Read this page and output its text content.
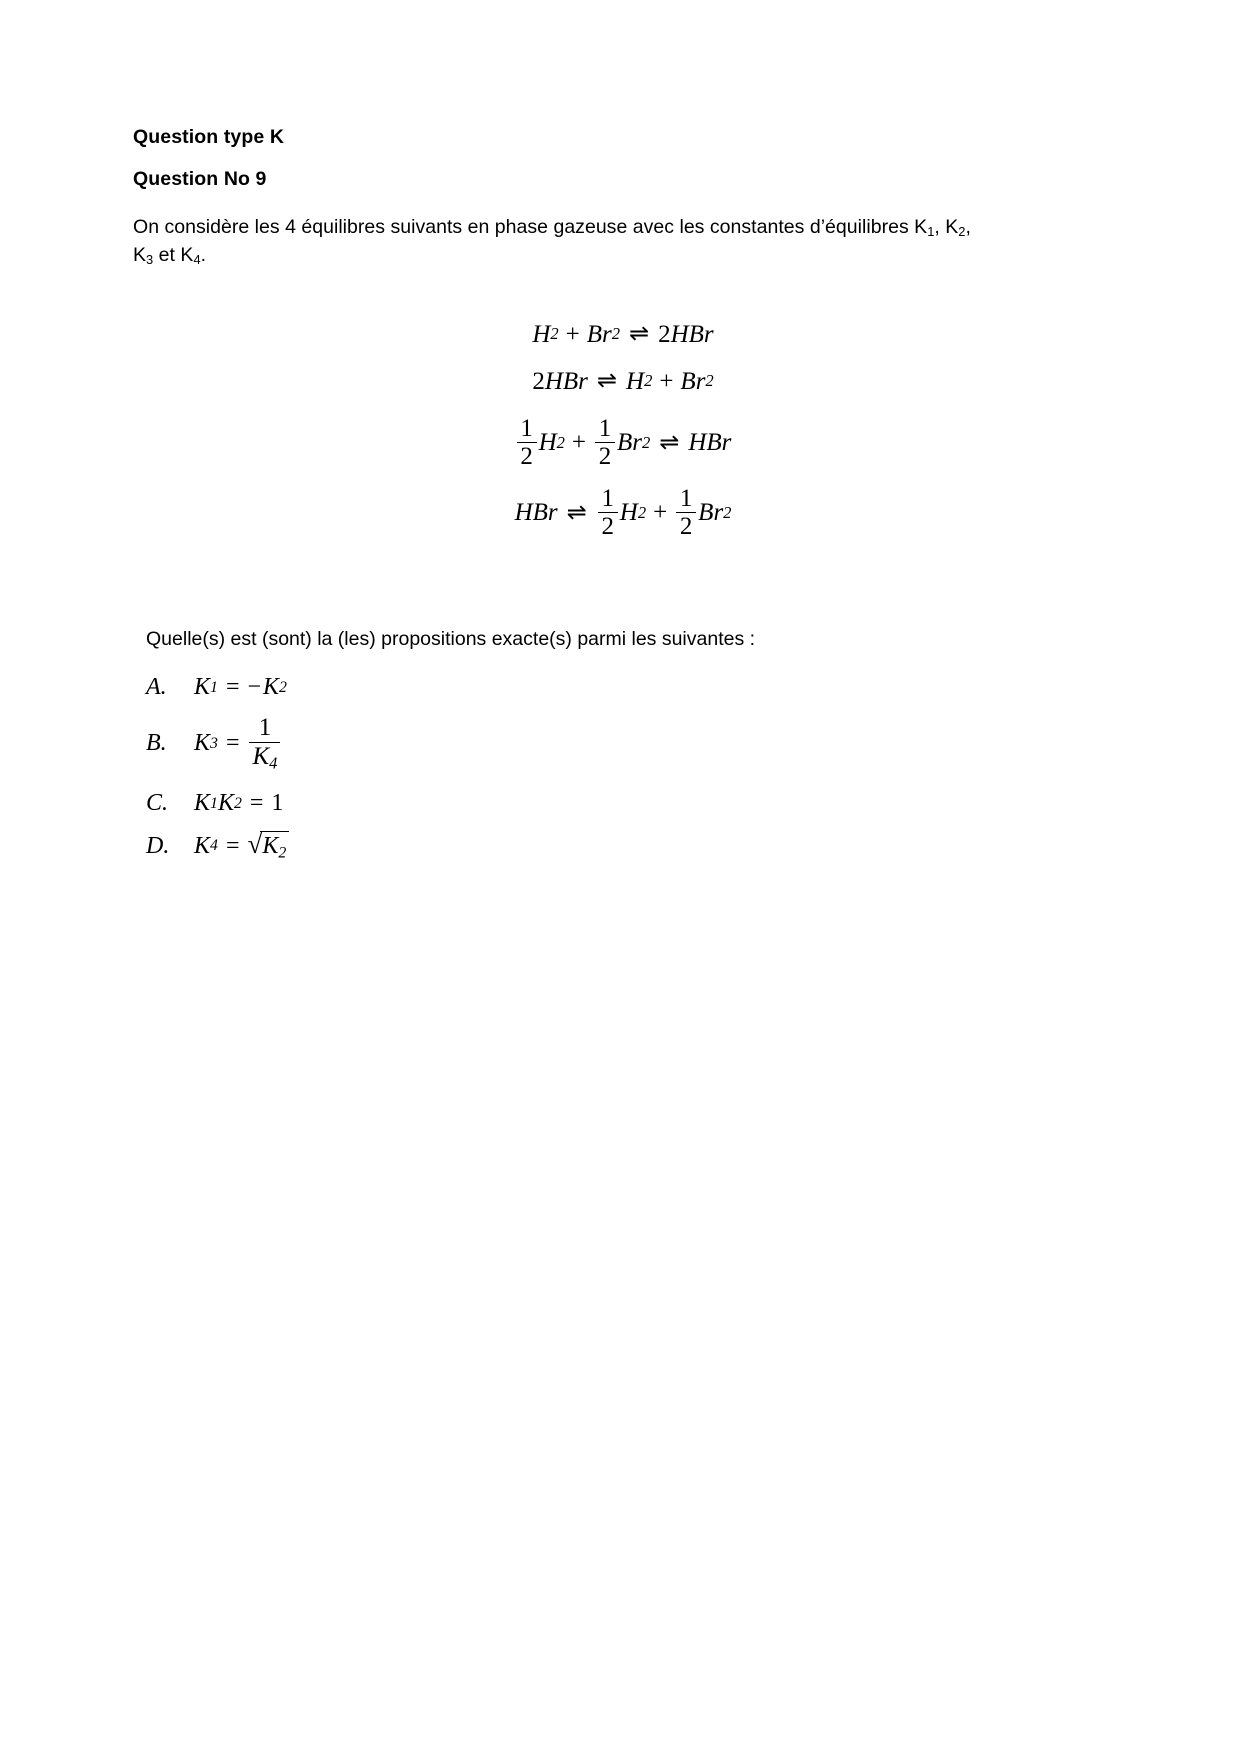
Question type K

Question No 9

On considère les 4 équilibres suivants en phase gazeuse avec les constantes d’équilibres $K_1$, $K_2$, $K_3$ et $K_4$.

H 2 + Br 2 ⇌ 2 HBr
2 HBr ⇌ H 2 + Br 2
$\frac{1}{2}$ H $2 + \frac{1}{2}$ Br 2 ⇌ HBr
HBr ⇌ $\frac{1}{2}$ H $2 + \frac{1}{2}$ Br 2

Quelle(s) est (sont) la (les) propositions exacte(s) parmi les suivantes :

A.	K 1 = − K 2
B.	K $3 = \frac{1}{K_4}$
C.	K 1 K 2 = 1
D.	K 4 = √ $K_2$
